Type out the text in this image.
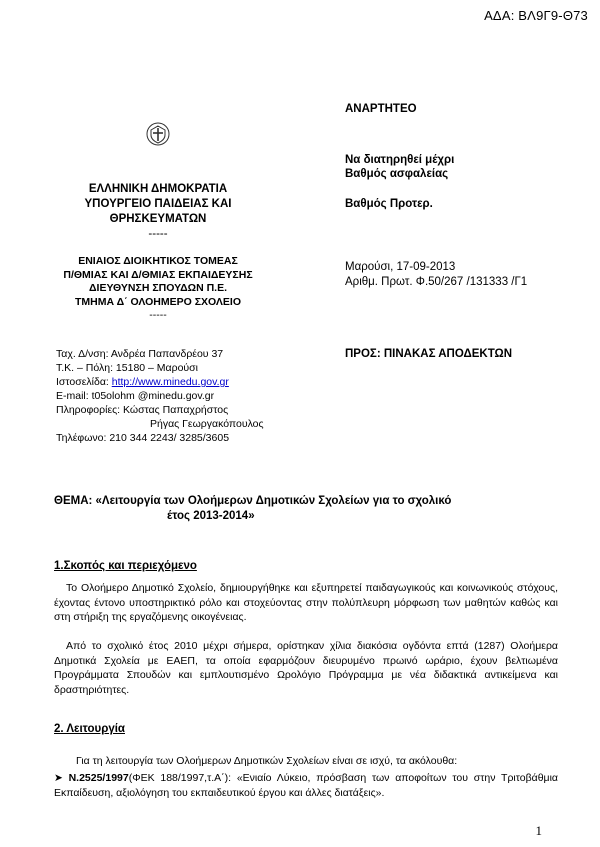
ΑΔΑ: ΒΛ9Γ9-Θ73
ΕΛΛΗΝΙΚΗ ΔΗΜΟΚΡΑΤΙΑ
ΥΠΟΥΡΓΕΙΟ ΠΑΙΔΕΙΑΣ ΚΑΙ ΘΡΗΣΚΕΥΜΑΤΩΝ
-----
ΕΝΙΑΙΟΣ ΔΙΟΙΚΗΤΙΚΟΣ ΤΟΜΕΑΣ
Π/ΘΜΙΑΣ ΚΑΙ Δ/ΘΜΙΑΣ ΕΚΠΑΙΔΕΥΣΗΣ
ΔΙΕΥΘΥΝΣΗ ΣΠΟΥΔΩΝ Π.Ε.
ΤΜΗΜΑ Δ΄ ΟΛΟΗΜΕΡΟ ΣΧΟΛΕΙΟ
-----
ΑΝΑΡΤΗΤΕΟ
Να διατηρηθεί μέχρι
Βαθμός ασφαλείας
Βαθμός Προτερ.
Μαρούσι, 17-09-2013
Αριθμ. Πρωτ. Φ.50/267 /131333 /Γ1
ΠΡΟΣ: ΠΙΝΑΚΑΣ ΑΠΟΔΕΚΤΩΝ
Ταχ. Δ/νση: Ανδρέα Παπανδρέου 37
Τ.Κ. – Πόλη: 15180 – Μαρούσι
Ιστοσελίδα: http://www.minedu.gov.gr
E-mail: t05olohm @minedu.gov.gr
Πληροφορίες: Κώστας Παπαχρήστος
Ρήγας Γεωργακόπουλος
Τηλέφωνο: 210 344 2243/ 3285/3605
ΘΕΜΑ: «Λειτουργία των Ολοήμερων Δημοτικών Σχολείων για το σχολικό
έτος 2013-2014»
1.Σκοπός και περιεχόμενο
Το Ολοήμερο Δημοτικό Σχολείο, δημιουργήθηκε και εξυπηρετεί παιδαγωγικούς και κοινωνικούς στόχους, έχοντας έντονο υποστηρικτικό ρόλο και στοχεύοντας στην πολύπλευρη μόρφωση των μαθητών καθώς και στη στήριξη της εργαζόμενης οικογένειας.
Από το σχολικό έτος 2010 μέχρι σήμερα, ορίστηκαν χίλια διακόσια ογδόντα επτά (1287) Ολοήμερα Δημοτικά Σχολεία με ΕΑΕΠ, τα οποία εφαρμόζουν διευρυμένο πρωινό ωράριο, έχουν βελτιωμένα Προγράμματα Σπουδών και εμπλουτισμένο Ωρολόγιο Πρόγραμμα με νέα διδακτικά αντικείμενα και δραστηριότητες.
2. Λειτουργία
Για τη λειτουργία των Ολοήμερων Δημοτικών Σχολείων είναι σε ισχύ, τα ακόλουθα:
➤ Ν.2525/1997(ΦΕΚ 188/1997,τ.Α΄): «Ενιαίο Λύκειο, πρόσβαση των αποφοίτων του στην Τριτοβάθμια Εκπαίδευση, αξιολόγηση του εκπαιδευτικού έργου και άλλες διατάξεις».
1
